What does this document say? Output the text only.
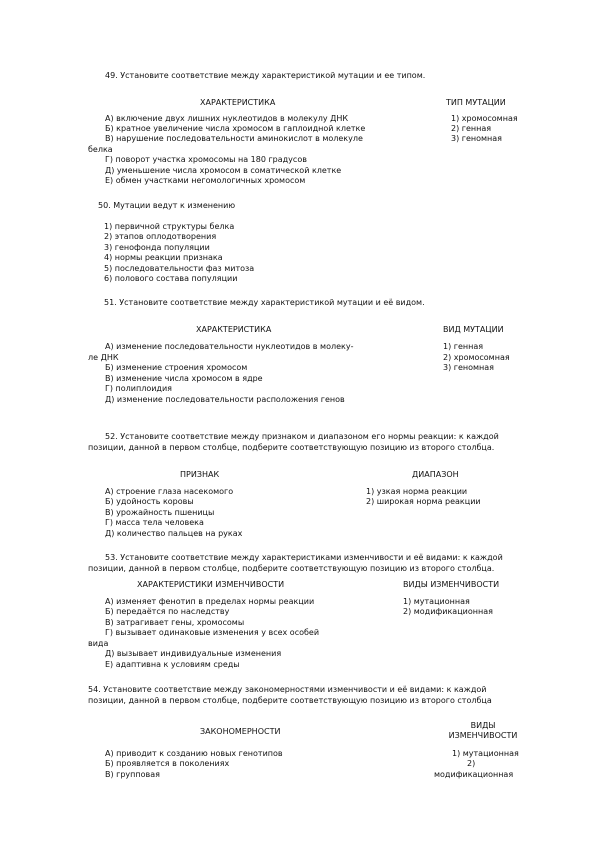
49. Установите соответствие между характеристикой мутации и ее типом.
ХАРАКТЕРИСТИКА	ТИП МУТАЦИИ
А) включение двух лишних нуклеотидов в молекулу ДНК
Б) кратное увеличение числа хромосом в гаплоидной клетке
В) нарушение последовательности аминокислот в молекуле
белка
Г) поворот участка хромосомы на 180 градусов
Д) уменьшение числа хромосом в соматической клетке
Е) обмен участками негомологичных хромосом
1) хромосомная
2) генная
3) геномная
50. Мутации ведут к изменению
1) первичной структуры белка
2) этапов оплодотворения
3) генофонда популяции
4) нормы реакции признака
5) последовательности фаз митоза
6) полового состава популяции
51. Установите соответствие между характеристикой мутации и её видом.
ХАРАКТЕРИСТИКА	ВИД МУТАЦИИ
А) изменение последовательности нуклеотидов в молеку-
ле ДНК
Б) изменение строения хромосом
В) изменение числа хромосом в ядре
Г) полиплоидия
Д) изменение последовательности расположения генов
1) генная
2) хромосомная
3) геномная
52. Установите соответствие между признаком и диапазоном его нормы реакции: к каждой
позиции, данной в первом столбце, подберите соответствующую позицию из второго столбца.
ПРИЗНАК	ДИАПАЗОН
А) строение глаза насекомого
Б) удойность коровы
В) урожайность пшеницы
Г) масса тела человека
Д) количество пальцев на руках
1) узкая норма реакции
2) широкая норма реакции
53. Установите соответствие между характеристиками изменчивости и её видами: к каждой
позиции, данной в первом столбце, подберите соответствующую позицию из второго столбца.
ХАРАКТЕРИСТИКИ ИЗМЕНЧИВОСТИ	ВИДЫ ИЗМЕНЧИВОСТИ
А) изменяет фенотип в пределах нормы реакции
Б) передаётся по наследству
В) затрагивает гены, хромосомы
Г) вызывает одинаковые изменения у всех особей
вида
Д) вызывает индивидуальные изменения
Е) адаптивна к условиям среды
1) мутационная
2) модификационная
54. Установите соответствие между закономерностями изменчивости и её видами: к каждой
позиции, данной в первом столбце, подберите соответствующую позицию из второго столбца
ЗАКОНОМЕРНОСТИ
ВИДЫ
ИЗМЕНЧИВОСТИ
А) приводит к созданию новых генотипов
Б) проявляется в поколениях
В) групповая
1) мутационная
2)
модификационная
